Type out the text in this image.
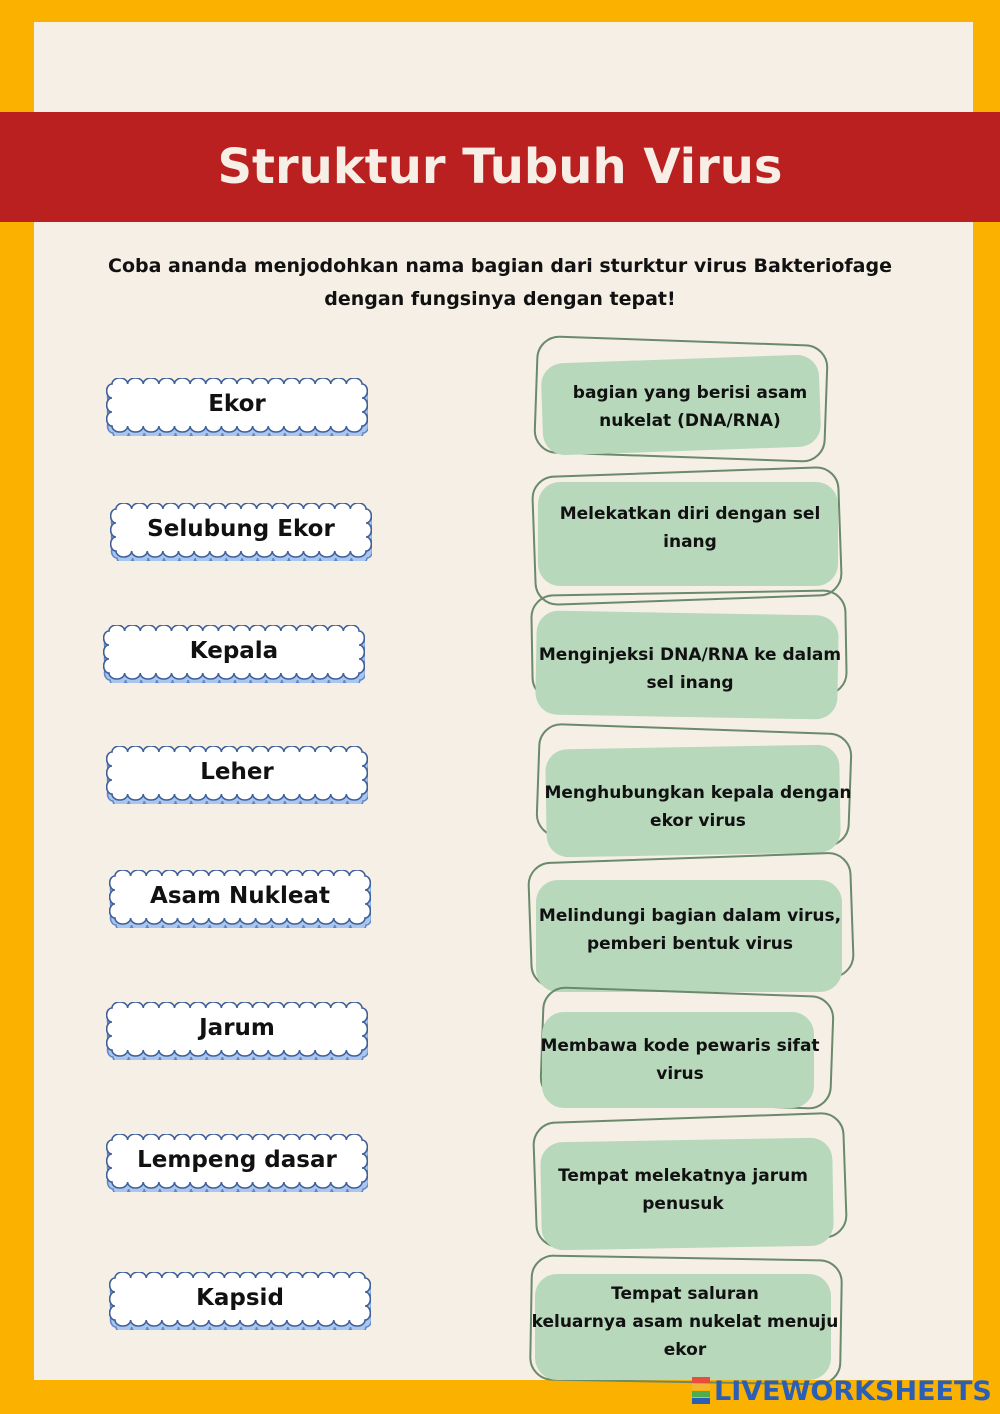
Struktur Tubuh Virus
Coba ananda menjodohkan nama bagian dari sturktur virus Bakteriofage
dengan fungsinya dengan tepat!
Ekor
Selubung Ekor
Kepala
Leher
Asam Nukleat
Jarum
Lempeng dasar
Kapsid
bagian yang berisi asam
nukelat (DNA/RNA)
Melekatkan diri dengan sel inang
Menginjeksi DNA/RNA ke dalam
sel inang
Menghubungkan kepala dengan
ekor virus
Melindungi bagian dalam virus,
pemberi bentuk virus
Membawa kode pewaris sifat
virus
Tempat melekatnya jarum
penusuk
Tempat saluran
keluarnya asam nukelat menuju
ekor
LIVEWORKSHEETS
